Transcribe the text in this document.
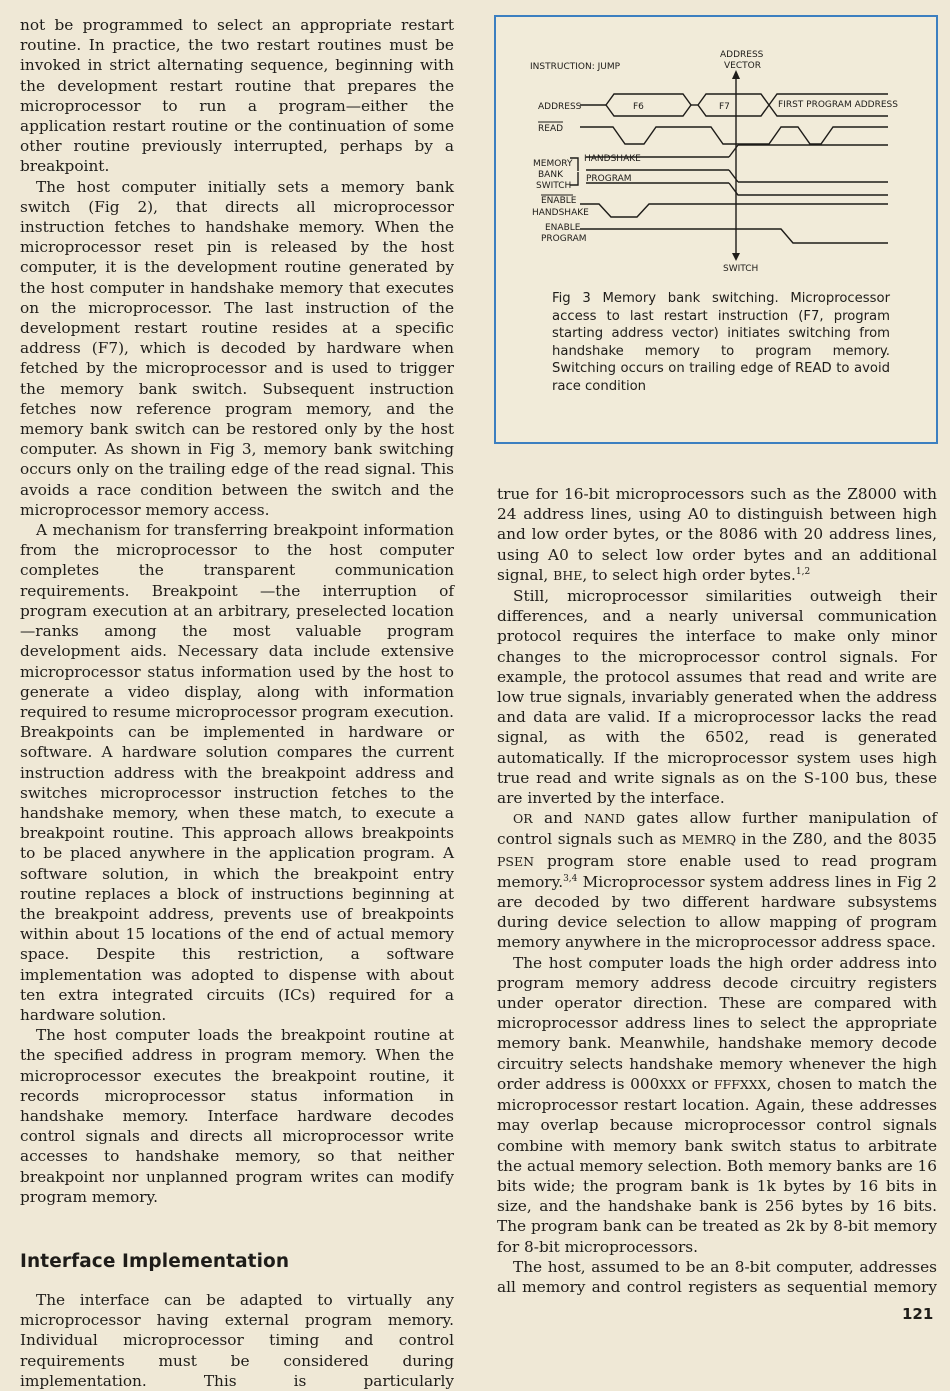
not be programmed to select an appropriate restart routine. In practice, the two restart routines must be invoked in strict alternating sequence, beginning with the development restart routine that prepares the microprocessor to run a program—either the application restart routine or the continuation of some other routine previously interrupted, perhaps by a breakpoint.

The host computer initially sets a memory bank switch (Fig 2), that directs all microprocessor instruction fetches to handshake memory. When the microprocessor reset pin is released by the host computer, it is the development routine generated by the host computer in handshake memory that executes on the microprocessor. The last instruction of the development restart routine resides at a specific address (F7), which is decoded by hardware when fetched by the microprocessor and is used to trigger the memory bank switch. Subsequent instruction fetches now reference program memory, and the memory bank switch can be restored only by the host computer. As shown in Fig 3, memory bank switching occurs only on the trailing edge of the read signal. This avoids a race condition between the switch and the microprocessor memory access.

A mechanism for transferring breakpoint information from the microprocessor to the host computer completes the transparent communication requirements. Breakpoint —the interruption of program execution at an arbitrary, preselected location—ranks among the most valuable program development aids. Necessary data include extensive microprocessor status information used by the host to generate a video display, along with information required to resume microprocessor program execution. Breakpoints can be implemented in hardware or software. A hardware solution compares the current instruction address with the breakpoint address and switches microprocessor instruction fetches to the handshake memory, when these match, to execute a breakpoint routine. This approach allows breakpoints to be placed anywhere in the application program. A software solution, in which the breakpoint entry routine replaces a block of instructions beginning at the breakpoint address, prevents use of breakpoints within about 15 locations of the end of actual memory space. Despite this restriction, a software implementation was adopted to dispense with about ten extra integrated circuits (ICs) required for a hardware solution.

The host computer loads the breakpoint routine at the specified address in program memory. When the microprocessor executes the breakpoint routine, it records microprocessor status information in handshake memory. Interface hardware decodes control signals and directs all microprocessor write accesses to handshake memory, so that neither breakpoint nor unplanned program writes can modify program memory.

Interface Implementation

The interface can be adapted to virtually any microprocessor having external program memory. Individual microprocessor timing and control requirements must be considered during implementation. This is particularly

INSTRUCTION: JUMP
ADDRESS
VECTOR
ADDRESS	F6	F7	FIRST PROGRAM ADDRESS
READ
MEMORY
BANK
SWITCH
HANDSHAKE
PROGRAM
ENABLE
HANDSHAKE
ENABLE
PROGRAM
SWITCH
Fig 3 Memory bank switching. Microprocessor access to last restart instruction (F7, program starting address vector) initiates switching from handshake memory to program memory. Switching occurs on trailing edge of READ to avoid race condition

true for 16-bit microprocessors such as the Z8000 with 24 address lines, using A0 to distinguish between high and low order bytes, or the 8086 with 20 address lines, using A0 to select low order bytes and an additional signal, BHE, to select high order bytes.$^{1,2}$

Still, microprocessor similarities outweigh their differences, and a nearly universal communication protocol requires the interface to make only minor changes to the microprocessor control signals. For example, the protocol assumes that read and write are low true signals, invariably generated when the address and data are valid. If a microprocessor lacks the read signal, as with the 6502, read is generated automatically. If the microprocessor system uses high true read and write signals as on the S-100 bus, these are inverted by the interface.

OR and NAND gates allow further manipulation of control signals such as MEMRQ in the Z80, and the 8035 PSEN program store enable used to read program memory.$^{3,4}$ Microprocessor system address lines in Fig 2 are decoded by two different hardware subsystems during device selection to allow mapping of program memory anywhere in the microprocessor address space.

The host computer loads the high order address into program memory address decode circuitry registers under operator direction. These are compared with microprocessor address lines to select the appropriate memory bank. Meanwhile, handshake memory decode circuitry selects handshake memory whenever the high order address is 000XXX or FFFXXX, chosen to match the microprocessor restart location. Again, these addresses may overlap because microprocessor control signals combine with memory bank switch status to arbitrate the actual memory selection. Both memory banks are 16 bits wide; the program bank is 1k bytes by 16 bits in size, and the handshake bank is 256 bytes by 16 bits. The program bank can be treated as 2k by 8-bit memory for 8-bit microprocessors.

The host, assumed to be an 8-bit computer, addresses all memory and control registers as sequential memory

121
